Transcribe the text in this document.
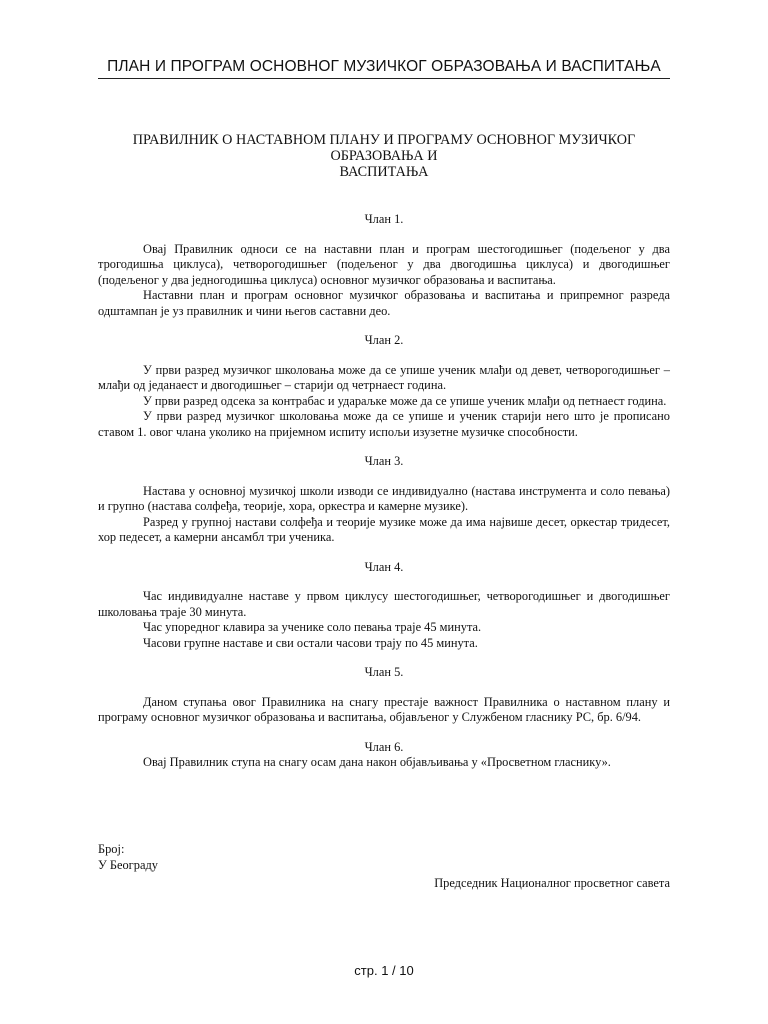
ПЛАН И ПРОГРАМ ОСНОВНОГ МУЗИЧКОГ ОБРАЗОВАЊА И ВАСПИТАЊА
ПРАВИЛНИК О НАСТАВНОМ ПЛАНУ И ПРОГРАМУ ОСНОВНОГ МУЗИЧКОГ ОБРАЗОВАЊА И
ВАСПИТАЊА

Члан 1.

Овај Правилник односи се на наставни план и програм шестогодишњег (подељеног у два трогодишња циклуса), четворогодишњег (подељеног у два двогодишња циклуса) и двогодишњег (подељеног у два једногодишња циклуса) основног музичког образовања и васпитања.

Наставни план и програм основног музичког образовања и васпитања и припремног разреда одштампан је уз правилник и чини његов саставни део.

Члан 2.

У први разред музичког школовања може да се упише ученик млађи од девет, четворогодишњег – млађи од једанаест и двогодишњег – старији од четрнаест година.

У први разред одсека за контрабас и удараљке може да се упише ученик млађи од петнаест година.

У први разред музичког школовања може да се упише и ученик старији него што је прописано ставом 1. овог члана уколико на пријемном испиту испољи изузетне музичке способности.

Члан 3.

Настава у основној музичкој школи изводи се индивидуално (настава инструмента и соло певања) и групно (настава солфеђа, теорије, хора, оркестра и камерне музике).

Разред у групној настави солфеђа и теорије музике може да има највише десет, оркестар тридесет, хор педесет, а камерни ансамбл три ученика.

Члан 4.

Час индивидуалне наставе у првом циклусу шестогодишњег, четворогодишњег и двогодишњег школовања траје 30 минута.

Час упоредног клавира за ученике соло певања траје 45 минута.

Часови групне наставе и сви остали часови трају по 45 минута.

Члан 5.

Даном ступања овог Правилника на снагу престаје важност Правилника о наставном плану и програму основног музичког образовања и васпитања, објављеног у Службеном гласнику РС, бр. 6/94.

Члан 6.

Овај Правилник ступа на снагу осам дана након објављивања у «Просветном гласнику».

Број:
У Београду
Председник Националног просветног савета
стр. 1 / 10
